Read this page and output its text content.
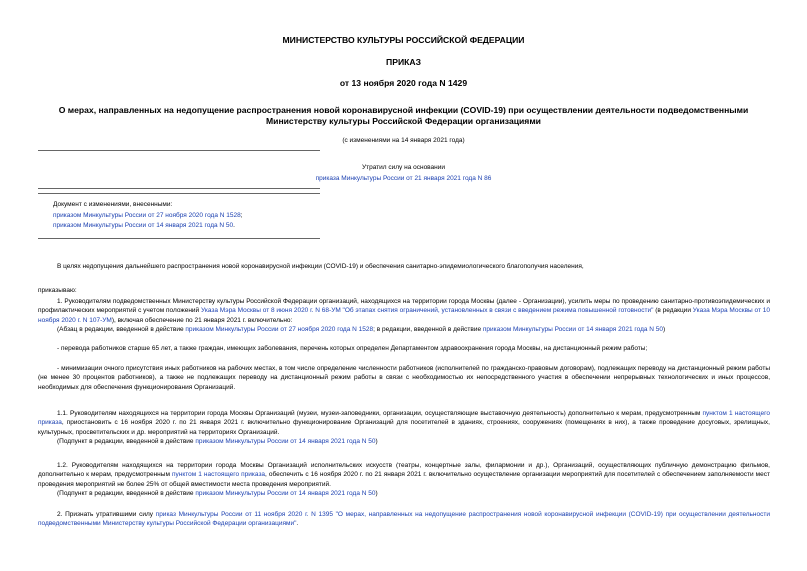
МИНИСТЕРСТВО КУЛЬТУРЫ РОССИЙСКОЙ ФЕДЕРАЦИИ
ПРИКАЗ
от 13 ноября 2020 года N 1429
О мерах, направленных на недопущение распространения новой коронавирусной инфекции (COVID-19) при осуществлении деятельности подведомственными
Министерству культуры Российской Федерации организациями
(с изменениями на 14 января 2021 года)
Утратил силу на основании
приказа Минкультуры России от 21 января 2021 года N 86
Документ с изменениями, внесенными:
приказом Минкультуры России от 27 ноября 2020 года N 1528;
приказом Минкультуры России от 14 января 2021 года N 50.
В целях недопущения дальнейшего распространения новой коронавирусной инфекции (COVID-19) и обеспечения санитарно-эпидемиологического благополучия населения,
приказываю:
1. Руководителям подведомственных Министерству культуры Российской Федерации организаций, находящихся на территории города Москвы (далее - Организации), усилить меры по проведению санитарно-противоэпидемических и профилактических мероприятий с учетом положений Указа Мэра Москвы от 8 июня 2020 г. N 68-УМ "Об этапах снятия ограничений, установленных в связи с введением режима повышенной готовности" (в редакции Указа Мэра Москвы от 10 ноября 2020 г. N 107-УМ), включая обеспечение по 21 января 2021 г. включительно:
(Абзац в редакции, введенной в действие приказом Минкультуры России от 27 ноября 2020 года N 1528; в редакции, введенной в действие приказом Минкультуры России от 14 января 2021 года N 50)
- перевода работников старше 65 лет, а также граждан, имеющих заболевания, перечень которых определен Департаментом здравоохранения города Москвы, на дистанционный режим работы;
- минимизации очного присутствия иных работников на рабочих местах, в том числе определение численности работников (исполнителей по гражданско-правовым договорам), подлежащих переводу на дистанционный режим работы (не менее 30 процентов работников), а также не подлежащих переводу на дистанционный режим работы в связи с необходимостью их непосредственного участия в обеспечении непрерывных технологических и иных процессов, необходимых для обеспечения функционирования Организаций.
1.1. Руководителям находящихся на территории города Москвы Организаций (музеи, музеи-заповедники, организации, осуществляющие выставочную деятельность) дополнительно к мерам, предусмотренным пунктом 1 настоящего приказа, приостановить с 16 ноября 2020 г. по 21 января 2021 г. включительно функционирование Организаций для посетителей в зданиях, строениях, сооружениях (помещениях в них), а также проведение досуговых, зрелищных, культурных, просветительских и др. мероприятий на территориях Организаций.
(Подпункт в редакции, введенной в действие приказом Минкультуры России от 14 января 2021 года N 50)
1.2. Руководителям находящихся на территории города Москвы Организаций исполнительских искусств (театры, концертные залы, филармонии и др.), Организаций, осуществляющих публичную демонстрацию фильмов, дополнительно к мерам, предусмотренным пунктом 1 настоящего приказа, обеспечить с 16 ноября 2020 г. по 21 января 2021 г. включительно осуществление организации мероприятий для посетителей с обеспечением заполняемости мест проведения мероприятий не более 25% от общей вместимости места проведения мероприятий.
(Подпункт в редакции, введенной в действие приказом Минкультуры России от 14 января 2021 года N 50)
2. Признать утратившими силу приказ Минкультуры России от 11 ноября 2020 г. N 1395 "О мерах, направленных на недопущение распространения новой коронавирусной инфекции (COVID-19) при осуществлении деятельности подведомственными Министерству культуры Российской Федерации организациями".
